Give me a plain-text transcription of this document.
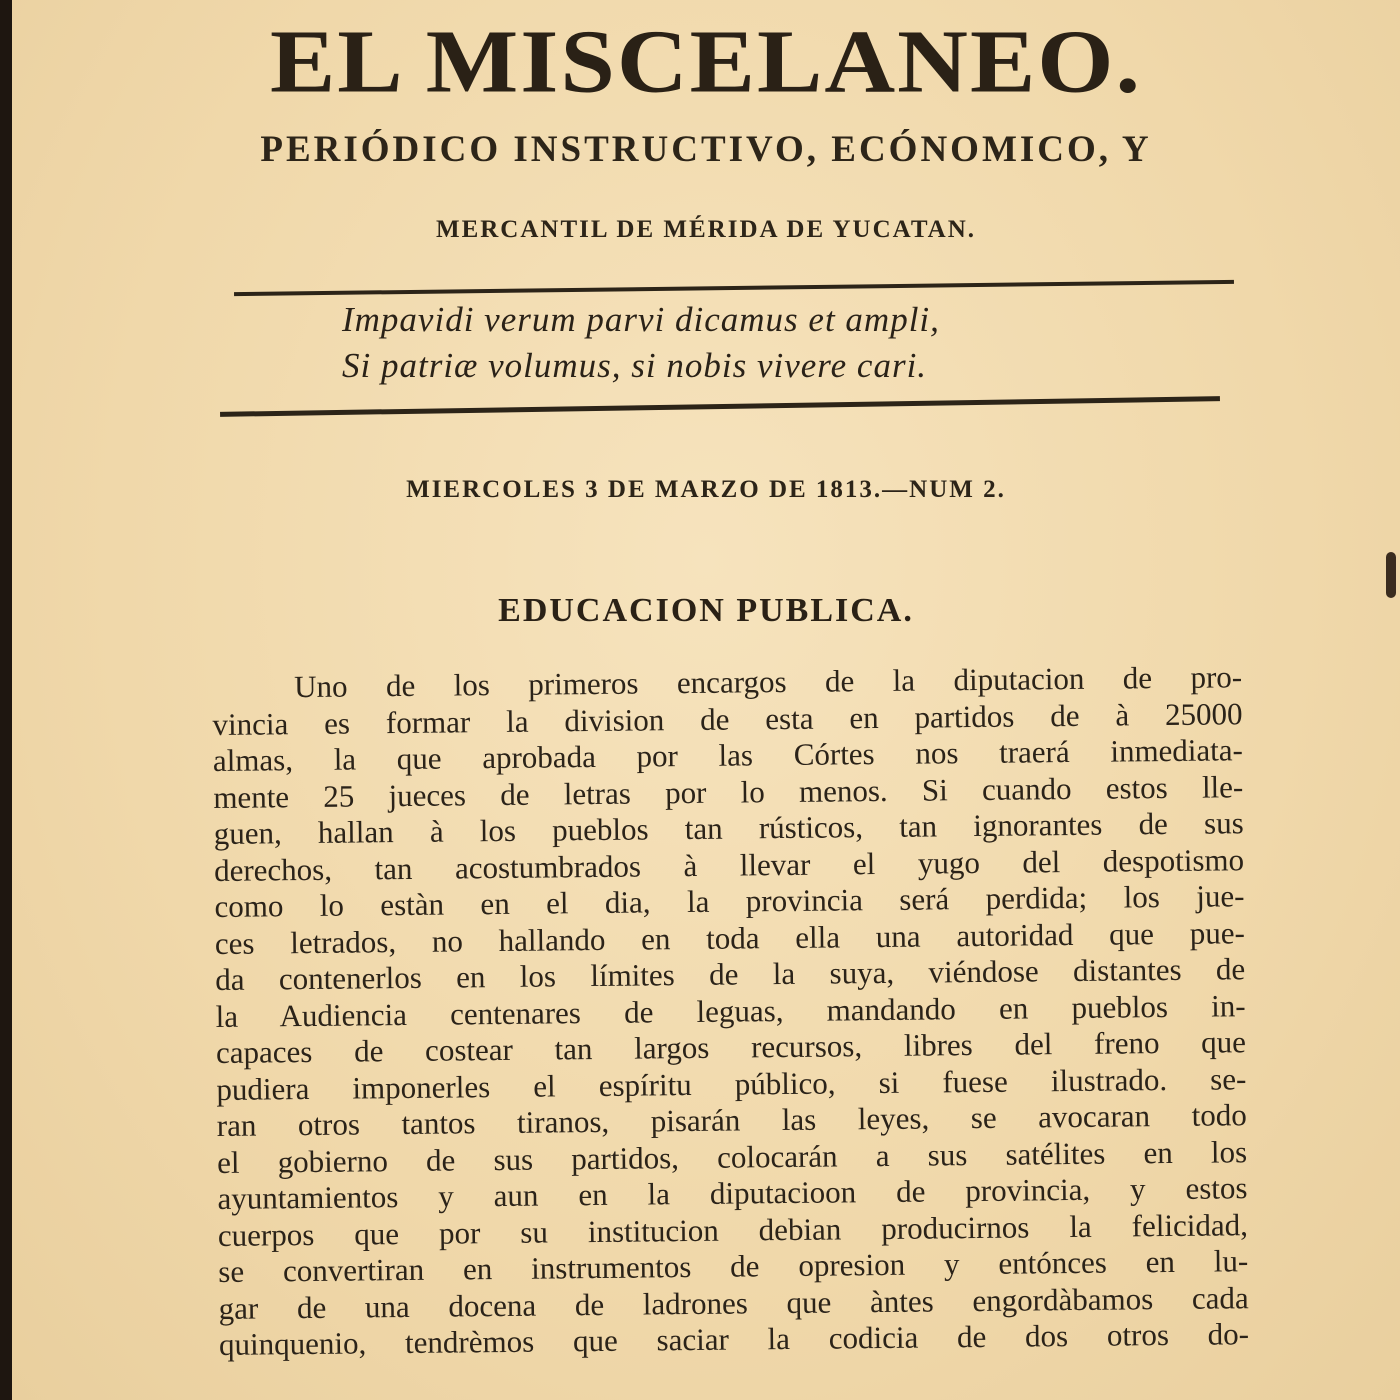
EL MISCELANEO.
PERIÓDICO INSTRUCTIVO, ECÓNOMICO, Y
MERCANTIL DE MÉRIDA DE YUCATAN.
Impavidi verum parvi dicamus et ampli,
Si patriæ volumus, si nobis vivere cari.
MIERCOLES 3 DE MARZO DE 1813.—NUM 2.
EDUCACION PUBLICA.
Uno de los primeros encargos de la diputacion de pro-
vincia es formar la division de esta en partidos de à 25000
almas, la que aprobada por las Córtes nos traerá inmediata-
mente 25 jueces de letras por lo menos. Si cuando estos lle-
guen, hallan à los pueblos tan rústicos, tan ignorantes de sus
derechos, tan acostumbrados à llevar el yugo del despotismo
como lo estàn en el dia, la provincia será perdida; los jue-
ces letrados, no hallando en toda ella una autoridad que pue-
da contenerlos en los límites de la suya, viéndose distantes de
la Audiencia centenares de leguas, mandando en pueblos in-
capaces de costear tan largos recursos, libres del freno que
pudiera imponerles el espíritu público, si fuese ilustrado. se-
ran otros tantos tiranos, pisarán las leyes, se avocaran todo
el gobierno de sus partidos, colocarán a sus satélites en los
ayuntamientos y aun en la diputacioon de provincia, y estos
cuerpos que por su institucion debian producirnos la felicidad,
se convertiran en instrumentos de opresion y entónces en lu-
gar de una docena de ladrones que àntes engordàbamos cada
quinquenio, tendrèmos que saciar la codicia de dos otros do-
